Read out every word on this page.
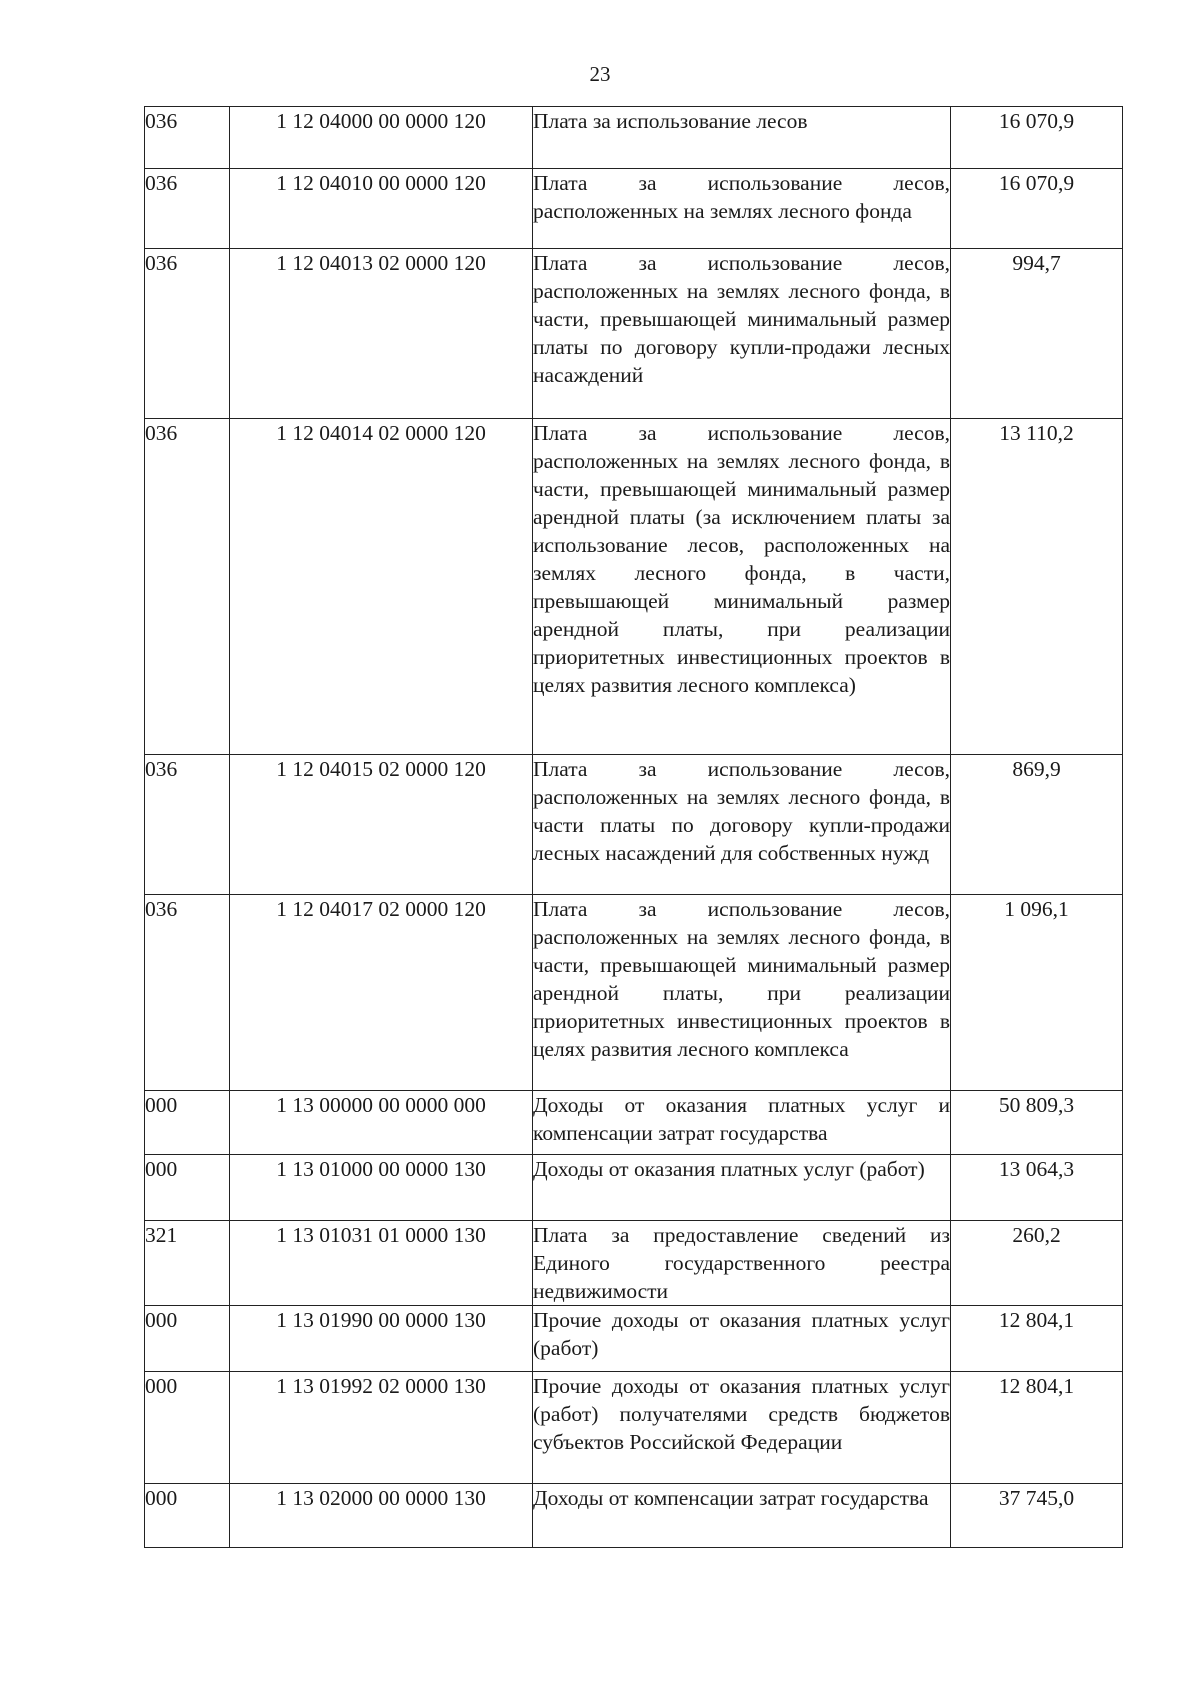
23
036	1 12 04000 00 0000 120	Плата за использование лесов	16 070,9
036	1 12 04010 00 0000 120	Плата за использование лесов, расположенных на землях лесного фонда	16 070,9
036	1 12 04013 02 0000 120	Плата за использование лесов, расположенных на землях лесного фонда, в части, превышающей минимальный размер платы по договору купли-продажи лесных насаждений	994,7
036	1 12 04014 02 0000 120	Плата за использование лесов, расположенных на землях лесного фонда, в части, превышающей минимальный размер арендной платы (за исключением платы за использование лесов, расположенных на землях лесного фонда, в части, превышающей минимальный размер арендной платы, при реализации приоритетных инвестиционных проектов в целях развития лесного комплекса)	13 110,2
036	1 12 04015 02 0000 120	Плата за использование лесов, расположенных на землях лесного фонда, в части платы по договору купли-продажи лесных насаждений для собственных нужд	869,9
036	1 12 04017 02 0000 120	Плата за использование лесов, расположенных на землях лесного фонда, в части, превышающей минимальный размер арендной платы, при реализации приоритетных инвестиционных проектов в целях развития лесного комплекса	1 096,1
000	1 13 00000 00 0000 000	Доходы от оказания платных услуг и компенсации затрат государства	50 809,3
000	1 13 01000 00 0000 130	Доходы от оказания платных услуг (работ)	13 064,3
321	1 13 01031 01 0000 130	Плата за предоставление сведений из Единого государственного реестра недвижимости	260,2
000	1 13 01990 00 0000 130	Прочие доходы от оказания платных услуг (работ)	12 804,1
000	1 13 01992 02 0000 130	Прочие доходы от оказания платных услуг (работ) получателями средств бюджетов субъектов Российской Федерации	12 804,1
000	1 13 02000 00 0000 130	Доходы от компенсации затрат государства	37 745,0
